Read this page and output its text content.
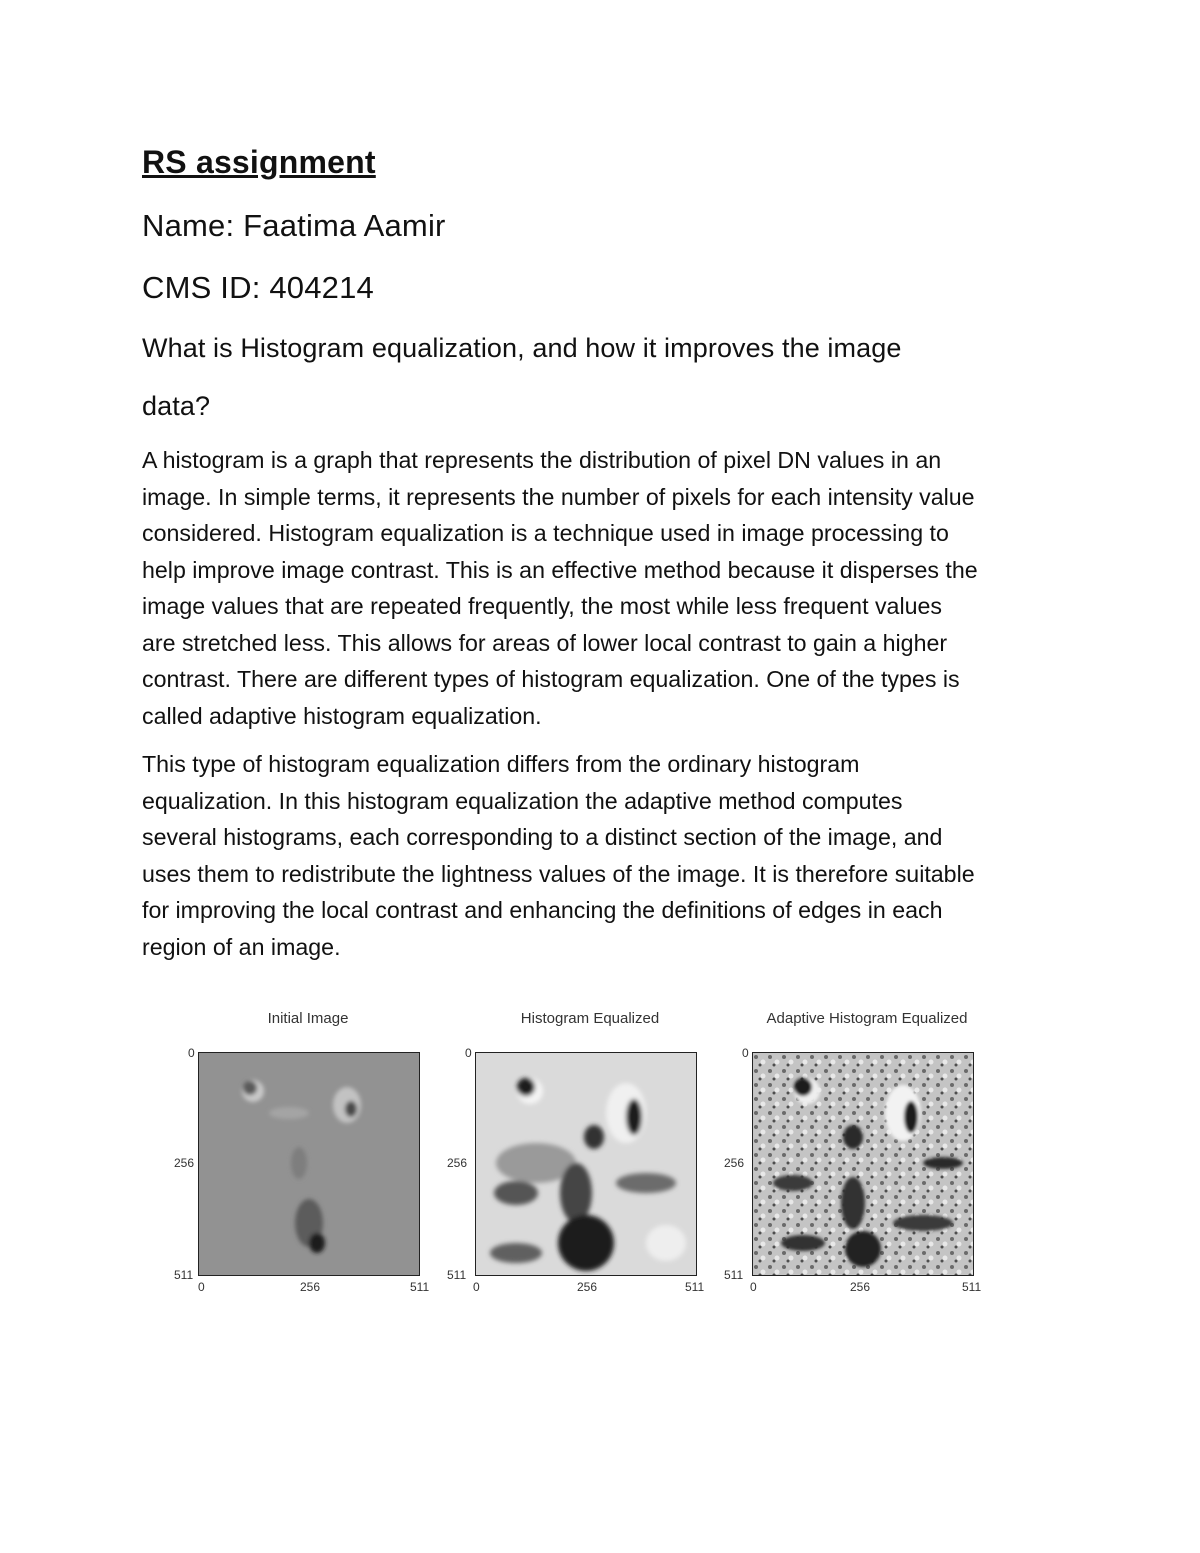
RS assignment
Name: Faatima Aamir
CMS ID: 404214
What is Histogram equalization, and how it improves the image
data?
A histogram is a graph that represents the distribution of pixel DN values in an
image. In simple terms, it represents the number of pixels for each intensity value
considered. Histogram equalization is a technique used in image processing to
help improve image contrast. This is an effective method because it disperses the
image values that are repeated frequently, the most while less frequent values
are stretched less. This allows for areas of lower local contrast to gain a higher
contrast. There are different types of histogram equalization. One of the types is
called adaptive histogram equalization.
This type of histogram equalization differs from the ordinary histogram
equalization. In this histogram equalization the adaptive method computes
several histograms, each corresponding to a distinct section of the image, and
uses them to redistribute the lightness values of the image. It is therefore suitable
for improving the local contrast and enhancing the definitions of edges in each
region of an image.
Initial Image
0
256
511
0	256	511
Histogram Equalized
0
256
511
0	256	511
Adaptive Histogram Equalized
0
256
511
0	256	511
